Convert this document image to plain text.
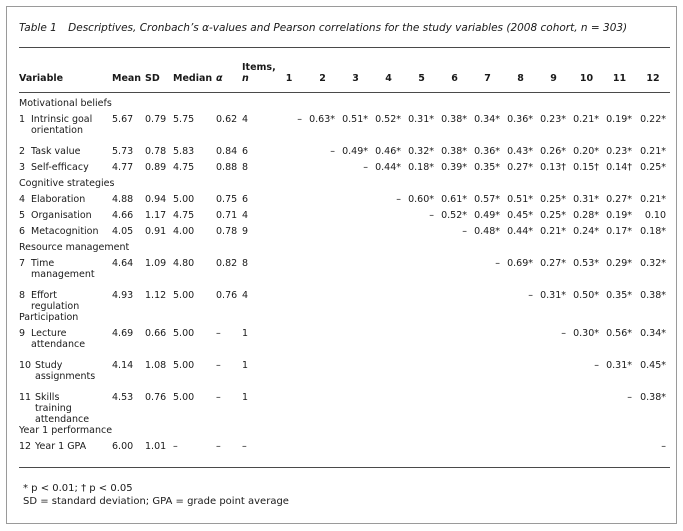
Table 1 Descriptives, Cronbach’s α-values and Pearson correlations for the study variables (2008 cohort, n = 303)
Variable	Mean	SD	Median	α	Items,
n	1	2	3	4	5	6	7	8	9	10	11	12

Motivational beliefs																	
1 Intrinsic goal orientation	5.67	0.79	5.75	0.62	4	–	0.63*	0.51*	0.52*	0.31*	0.38*	0.34*	0.36*	0.23*	0.21*	0.19*	0.22*
2 Task value	5.73	0.78	5.83	0.84	6		–	0.49*	0.46*	0.32*	0.38*	0.36*	0.43*	0.26*	0.20*	0.23*	0.21*
3 Self-efficacy	4.77	0.89	4.75	0.88	8			–	0.44*	0.18*	0.39*	0.35*	0.27*	0.13†	0.15†	0.14†	0.25*
Cognitive strategies																	
4 Elaboration	4.88	0.94	5.00	0.75	6				–	0.60*	0.61*	0.57*	0.51*	0.25*	0.31*	0.27*	0.21*
5 Organisation	4.66	1.17	4.75	0.71	4					–	0.52*	0.49*	0.45*	0.25*	0.28*	0.19*	0.10
6 Metacognition	4.05	0.91	4.00	0.78	9						–	0.48*	0.44*	0.21*	0.24*	0.17*	0.18*
Resource management																	
7 Time management	4.64	1.09	4.80	0.82	8							–	0.69*	0.27*	0.53*	0.29*	0.32*
8 Effort regulation	4.93	1.12	5.00	0.76	4								–	0.31*	0.50*	0.35*	0.38*
Participation																	
9 Lecture attendance	4.69	0.66	5.00	–	1									–	0.30*	0.56*	0.34*
10 Study assignments	4.14	1.08	5.00	–	1										–	0.31*	0.45*
11 Skills training attendance	4.53	0.76	5.00	–	1											–	0.38*
Year 1 performance																	
12 Year 1 GPA	6.00	1.01	–	–	–												–
* p < 0.01; † p < 0.05
SD = standard deviation; GPA = grade point average
